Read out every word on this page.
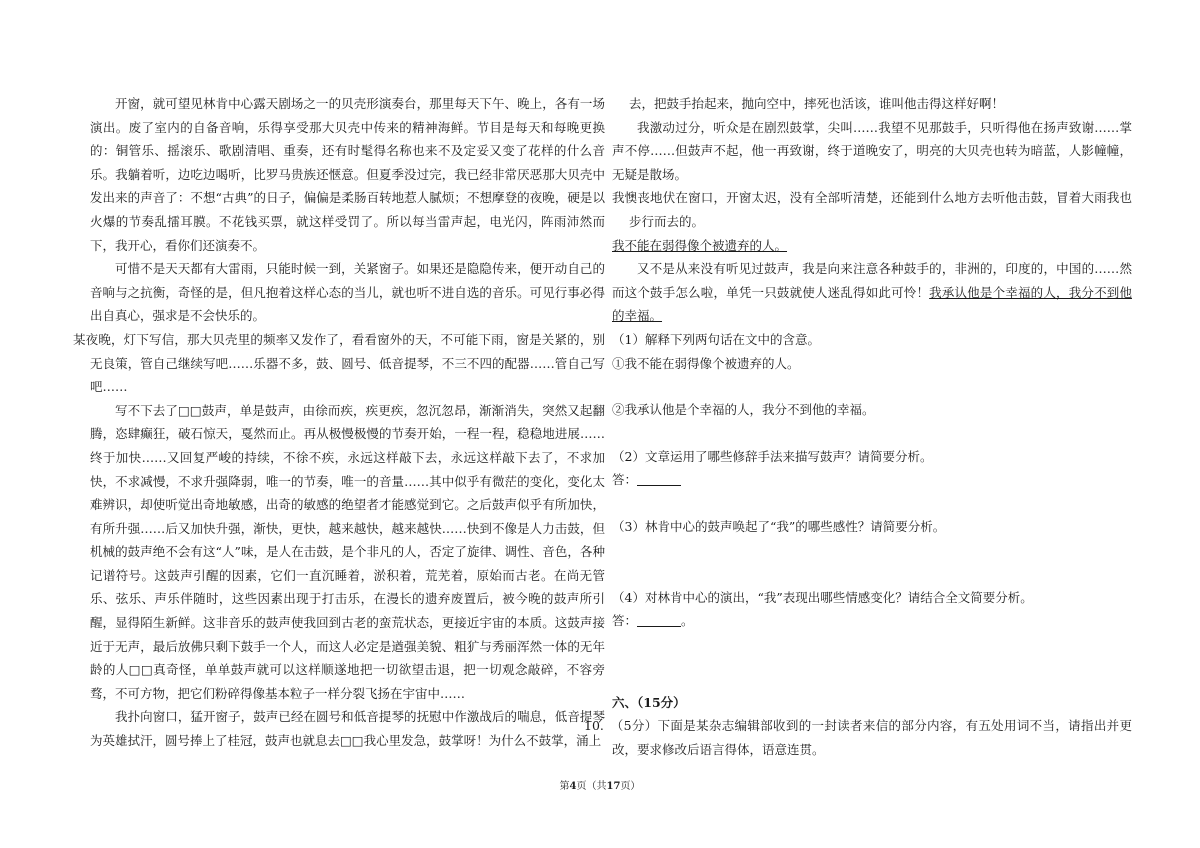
开窗，就可望见林肯中心露天剧场之一的贝壳形演奏台，那里每天下午、晚上，各有一场演出。废了室内的自备音响，乐得享受那大贝壳中传来的精神海鲜。节目是每天和每晚更换的：铜管乐、摇滚乐、歌剧清唱、重奏，还有时髦得名称也来不及定妥又变了花样的什么音乐。我躺着听，边吃边喝听，比罗马贵族还惬意。但夏季没过完，我已经非常厌恶那大贝壳中发出来的声音了：不想“古典”的日子，偏偏是柔肠百转地惹人腻烦；不想摩登的夜晚，硬是以火爆的节奏乱擂耳膜。不花钱买票，就这样受罚了。所以每当雷声起，电光闪，阵雨沛然而下，我开心，看你们还演奏不。

可惜不是天天都有大雷雨，只能时候一到，关紧窗子。如果还是隐隐传来，便开动自己的音响与之抗衡，奇怪的是，但凡抱着这样心态的当儿，就也听不进自选的音乐。可见行事必得出自真心，强求是不会快乐的。

某夜晚，灯下写信，那大贝壳里的频率又发作了，看看窗外的天，不可能下雨，窗是关紧的，别无良策，管自己继续写吧……乐器不多，鼓、圆号、低音提琴，不三不四的配器……管自己写吧……

写不下去了□□鼓声，单是鼓声，由徐而疾，疾更疾，忽沉忽昂，渐渐消失，突然又起翻腾，恣肆癫狂，破石惊天，戛然而止。再从极慢极慢的节奏开始，一程一程，稳稳地进展……终于加快……又回复严峻的持续，不徐不疾，永远这样敲下去，永远这样敲下去了，不求加快，不求减慢，不求升强降弱，唯一的节奏，唯一的音量……其中似乎有微茫的变化，变化太难辨识，却使听觉出奇地敏感，出奇的敏感的绝望者才能感觉到它。之后鼓声似乎有所加快，有所升强……后又加快升强，渐快，更快，越来越快，越来越快……快到不像是人力击鼓，但机械的鼓声绝不会有这“人”味，是人在击鼓，是个非凡的人，否定了旋律、调性、音色，各种记谱符号。这鼓声引醒的因素，它们一直沉睡着，淤积着，荒芜着，原始而古老。在尚无管乐、弦乐、声乐伴随时，这些因素出现于打击乐，在漫长的遗弃废置后，被今晚的鼓声所引醒，显得陌生新鲜。这非音乐的鼓声使我回到古老的蛮荒状态，更接近宇宙的本质。这鼓声接近于无声，最后放佛只剩下鼓手一个人，而这人必定是遒强美貌、粗犷与秀丽浑然一体的无年龄的人□□真奇怪，单单鼓声就可以这样顺遂地把一切欲望击退，把一切观念敲碎，不容旁骛，不可方物，把它们粉碎得像基本粒子一样分裂飞扬在宇宙中……

我扑向窗口，猛开窗子，鼓声已经在圆号和低音提琴的抚慰中作激战后的喘息，低音提琴为英雄拭汗，圆号捧上了桂冠，鼓声也就息去□□我心里发急，鼓掌呀！为什么不鼓掌，涌上

去，把鼓手抬起来，抛向空中，摔死也活该，谁叫他击得这样好啊！

我激动过分，听众是在剧烈鼓掌，尖叫……我望不见那鼓手，只听得他在扬声致谢……掌声不停……但鼓声不起，他一再致谢，终于道晚安了，明亮的大贝壳也转为暗蓝，人影幢幢，无疑是散场。

我懊丧地伏在窗口，开窗太迟，没有全部听清楚，还能到什么地方去听他击鼓，冒着大雨我也步行而去的。

我不能在弱得像个被遗弃的人。

又不是从来没有听见过鼓声，我是向来注意各种鼓手的，非洲的，印度的，中国的……然而这个鼓手怎么啦，单凭一只鼓就使人迷乱得如此可怜！我承认他是个幸福的人，我分不到他的幸福。

（1）解释下列两句话在文中的含意。

①我不能在弱得像个被遗弃的人。

②我承认他是个幸福的人，我分不到他的幸福。

（2）文章运用了哪些修辞手法来描写鼓声？请简要分析。

答：

（3）林肯中心的鼓声唤起了“我”的哪些感性？请简要分析。

（4）对林肯中心的演出，“我”表现出哪些情感变化？请结合全文简要分析。

答：	。

六、（15分）

10.　（5分）下面是某杂志编辑部收到的一封读者来信的部分内容，有五处用词不当，请指出并更改，要求修改后语言得体，语意连贯。

第4页（共17页）
